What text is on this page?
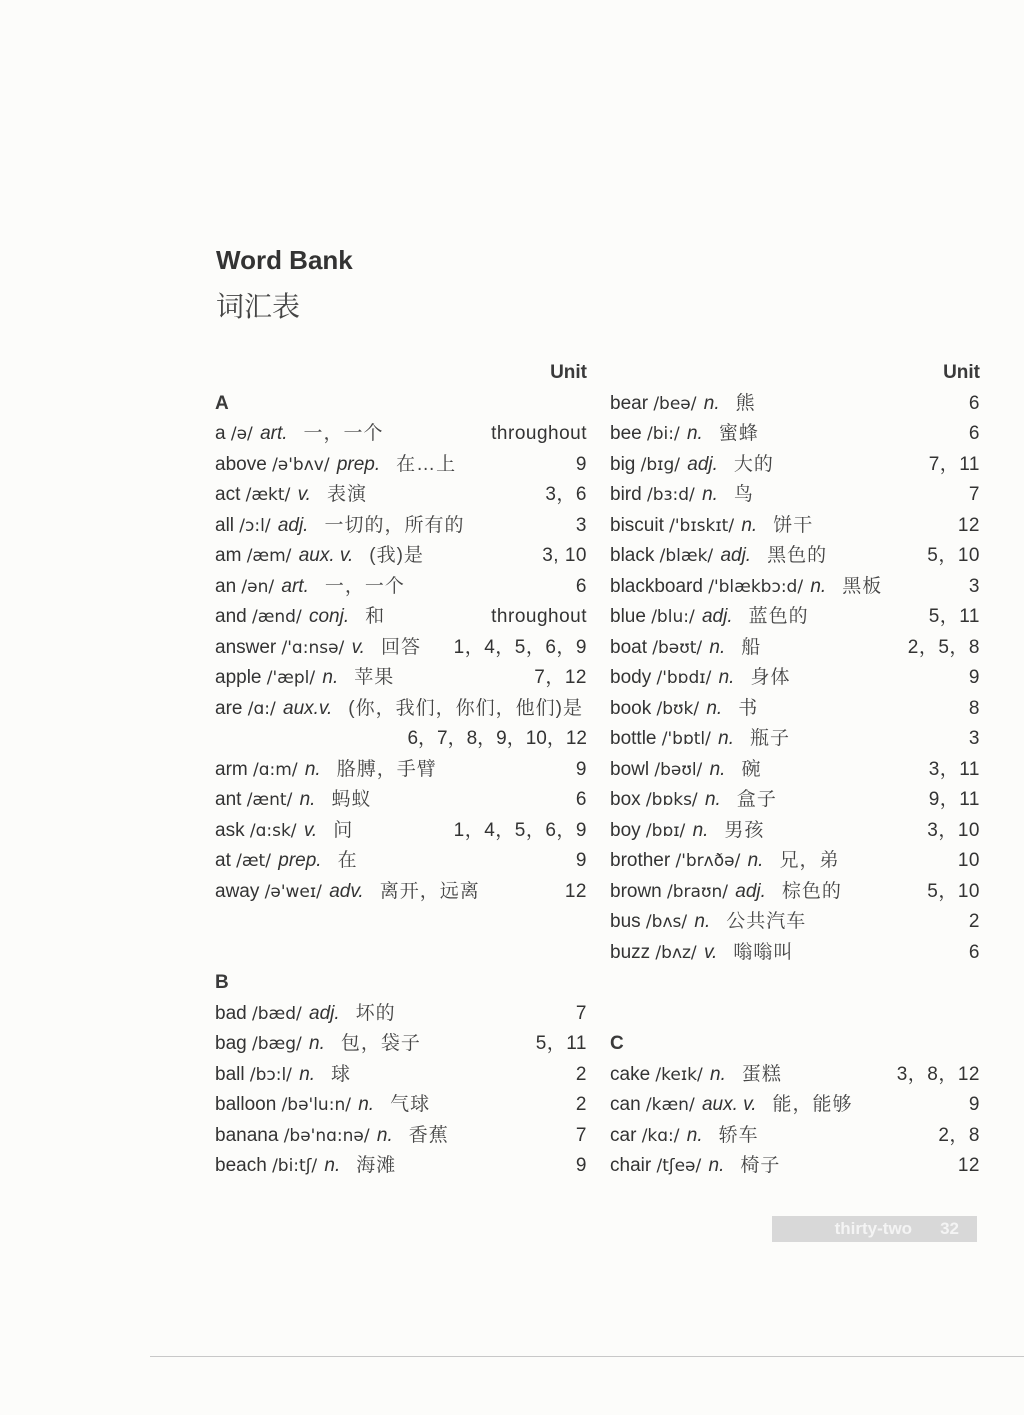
Word Bank
词汇表
Unit
A
a /ə/ art. 一，一个	throughout
above /ə'bʌv/ prep. 在…上	9
act /ækt/ v. 表演	3，6
all /ɔ:l/ adj. 一切的，所有的	3
am /æm/ aux. v. (我)是	3, 10
an /ən/ art. 一，一个	6
and /ænd/ conj. 和	throughout
answer /'ɑ:nsə/ v. 回答 1，4，5，6，9
apple /'æpl/ n. 苹果	7，12
are /ɑ:/ aux.v. (你，我们，你们，他们)是
6，7，8，9，10，12
arm /ɑ:m/ n. 胳膊，手臂	9
ant /ænt/ n. 蚂蚁	6
ask /ɑ:sk/ v. 问	1，4，5，6，9
at /æt/ prep. 在	9
away /ə'weɪ/ adv. 离开，远离	12
B
bad /bæd/ adj. 坏的	7
bag /bæg/ n. 包，袋子	5，11
ball /bɔ:l/ n. 球	2
balloon /bə'lu:n/ n. 气球	2
banana /bə'nɑ:nə/ n. 香蕉	7
beach /bi:tʃ/ n. 海滩	9
Unit
bear /beə/ n. 熊	6
bee /bi:/ n. 蜜蜂	6
big /bɪg/ adj. 大的	7，11
bird /bɜ:d/ n. 鸟	7
biscuit /'bɪskɪt/ n. 饼干	12
black /blæk/ adj. 黑色的	5，10
blackboard /'blækbɔ:d/ n. 黑板	3
blue /blu:/ adj. 蓝色的	5，11
boat /bəʊt/ n. 船	2，5，8
body /'bɒdɪ/ n. 身体	9
book /bʊk/ n. 书	8
bottle /'bɒtl/ n. 瓶子	3
bowl /bəʊl/ n. 碗	3，11
box /bɒks/ n. 盒子	9，11
boy /bɒɪ/ n. 男孩	3，10
brother /'brʌðə/ n. 兄，弟	10
brown /braʊn/ adj. 棕色的	5，10
bus /bʌs/ n. 公共汽车	2
buzz /bʌz/ v. 嗡嗡叫	6
C
cake /keɪk/ n. 蛋糕	3，8，12
can /kæn/ aux. v. 能，能够	9
car /kɑ:/ n. 轿车	2，8
chair /tʃeə/ n. 椅子	12
thirty-two 32
